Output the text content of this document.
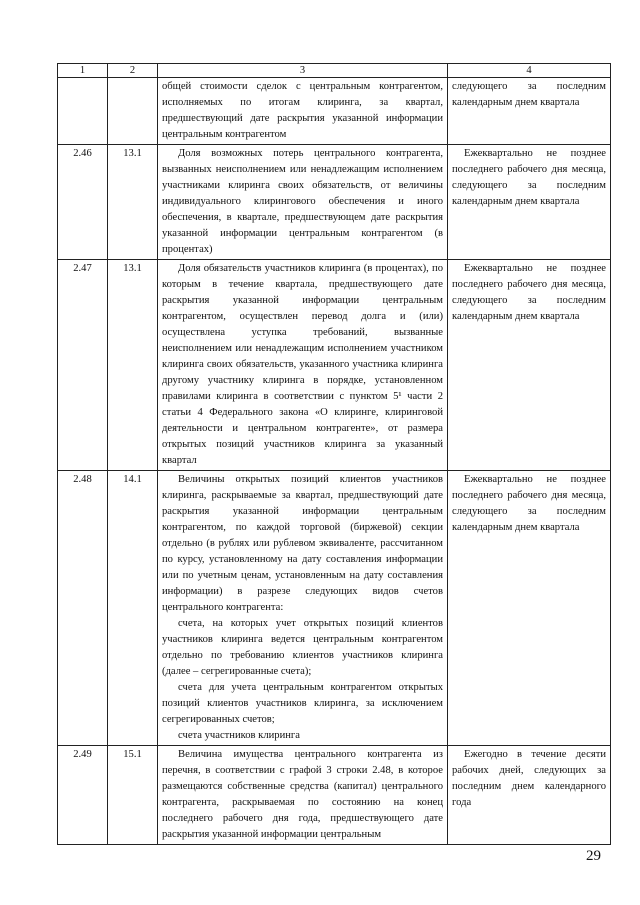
1	2	3	4

		общей стоимости сделок с центральным контрагентом, исполняемых по итогам клиринга, за квартал, предшествующий дате раскрытия указанной информации центральным контрагентом	следующего за последним календарным днем квартала

2.46	13.1	Доля возможных потерь центрального контрагента, вызванных неисполнением или ненадлежащим исполнением участниками клиринга своих обязательств, от величины индивидуального клирингового обеспечения и иного обеспечения, в квартале, предшествующем дате раскрытия указанной информации центральным контрагентом (в процентах)	Ежеквартально не позднее последнего рабочего дня месяца, следующего за последним календарным днем квартала

2.47	13.1	Доля обязательств участников клиринга (в процентах), по которым в течение квартала, предшествующего дате раскрытия указанной информации центральным контрагентом, осуществлен перевод долга и (или) осуществлена уступка требований, вызванные неисполнением или ненадлежащим исполнением участником клиринга своих обязательств, указанного участника клиринга другому участнику клиринга в порядке, установленном правилами клиринга в соответствии с пунктом 5¹ части 2 статьи 4 Федерального закона «О клиринге, клиринговой деятельности и центральном контрагенте», от размера открытых позиций участников клиринга за указанный квартал	Ежеквартально не позднее последнего рабочего дня месяца, следующего за последним календарным днем квартала

2.48	14.1	Величины открытых позиций клиентов участников клиринга, раскрываемые за квартал, предшествующий дате раскрытия указанной информации центральным контрагентом, по каждой торговой (биржевой) секции отдельно (в рублях или рублевом эквиваленте, рассчитанном по курсу, установленному на дату составления информации или по учетным ценам, установленным на дату составления информации) в разрезе следующих видов счетов центрального контрагента:

счета, на которых учет открытых позиций клиентов участников клиринга ведется центральным контрагентом отдельно по требованию клиентов участников клиринга (далее – сегрегированные счета);

счета для учета центральным контрагентом открытых позиций клиентов участников клиринга, за исключением сегрегированных счетов;

счета участников клиринга	Ежеквартально не позднее последнего рабочего дня месяца, следующего за последним календарным днем квартала

2.49	15.1	Величина имущества центрального контрагента из перечня, в соответствии с графой 3 строки 2.48, в которое размещаются собственные средства (капитал) центрального контрагента, раскрываемая по состоянию на конец последнего рабочего дня года, предшествующего дате раскрытия указанной информации центральным	Ежегодно в течение десяти рабочих дней, следующих за последним днем календарного года

29
